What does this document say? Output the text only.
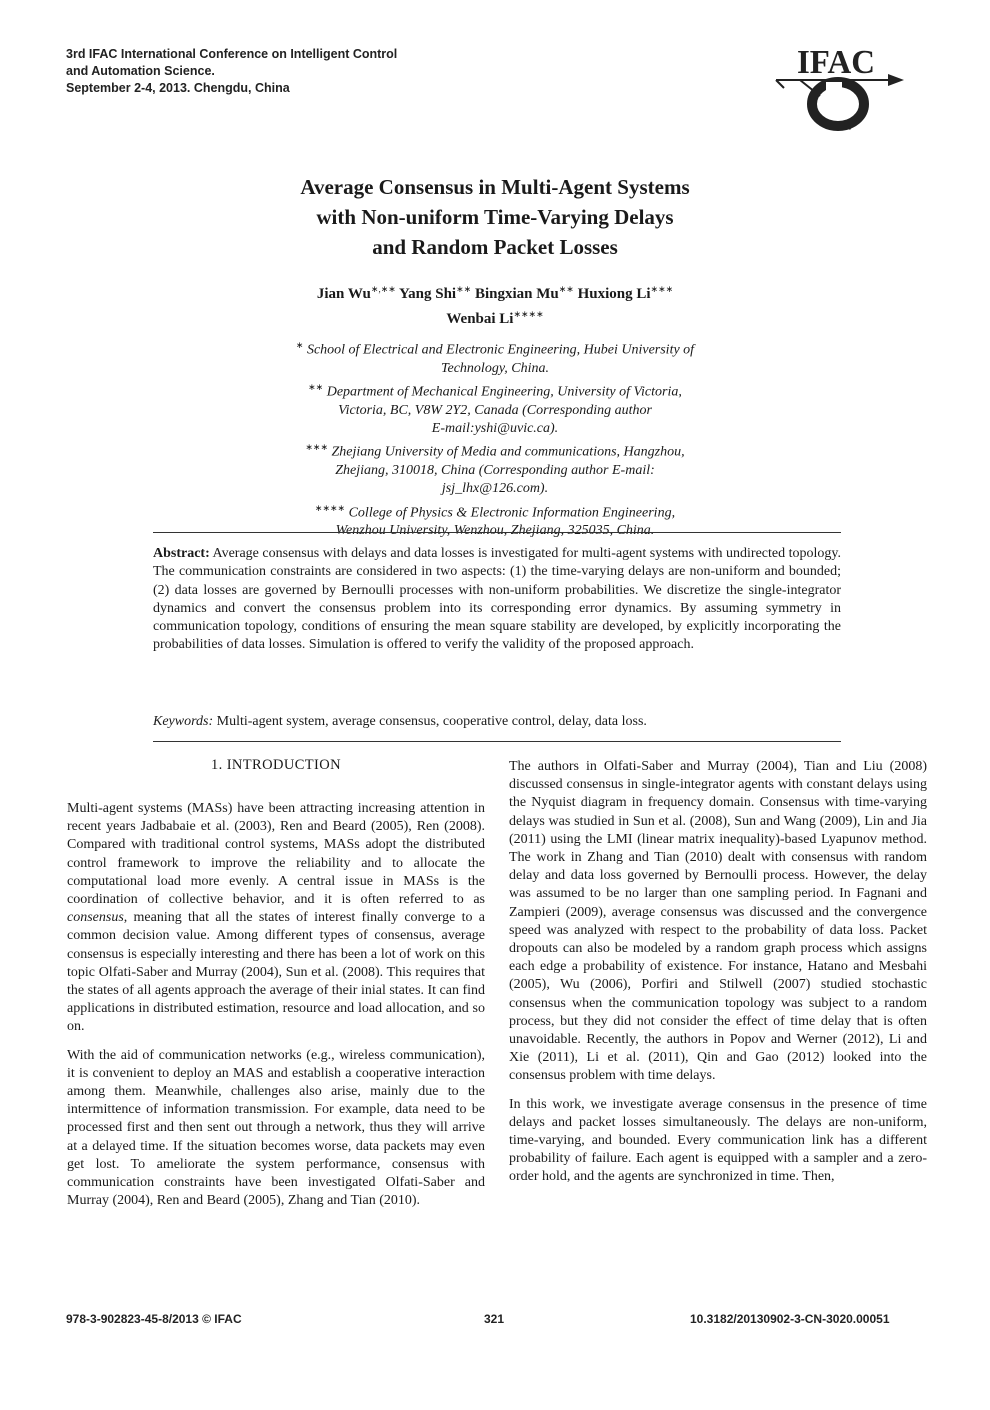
3rd IFAC International Conference on Intelligent Control
and Automation Science.
September 2-4, 2013. Chengdu, China
IFAC
Average Consensus in Multi-Agent Systems
with Non-uniform Time-Varying Delays
and Random Packet Losses
Jian Wu∗,∗∗ Yang Shi∗∗ Bingxian Mu∗∗ Huxiong Li∗∗∗
Wenbai Li∗∗∗∗
∗ School of Electrical and Electronic Engineering, Hubei University of
Technology, China.
∗∗ Department of Mechanical Engineering, University of Victoria,
Victoria, BC, V8W 2Y2, Canada (Corresponding author
E-mail:yshi@uvic.ca).
∗∗∗ Zhejiang University of Media and communications, Hangzhou,
Zhejiang, 310018, China (Corresponding author E-mail:
jsj_lhx@126.com).
∗∗∗∗ College of Physics & Electronic Information Engineering,
Wenzhou University, Wenzhou, Zhejiang, 325035, China.
Abstract: Average consensus with delays and data losses is investigated for multi-agent systems with undirected topology. The communication constraints are considered in two aspects: (1) the time-varying delays are non-uniform and bounded; (2) data losses are governed by Bernoulli processes with non-uniform probabilities. We discretize the single-integrator dynamics and convert the consensus problem into its corresponding error dynamics. By assuming symmetry in communication topology, conditions of ensuring the mean square stability are developed, by explicitly incorporating the probabilities of data losses. Simulation is offered to verify the validity of the proposed approach.
Keywords: Multi-agent system, average consensus, cooperative control, delay, data loss.
1. INTRODUCTION

Multi-agent systems (MASs) have been attracting increasing attention in recent years Jadbabaie et al. (2003), Ren and Beard (2005), Ren (2008). Compared with traditional control systems, MASs adopt the distributed control framework to improve the reliability and to allocate the computational load more evenly. A central issue in MASs is the coordination of collective behavior, and it is often referred to as consensus, meaning that all the states of interest finally converge to a common decision value. Among different types of consensus, average consensus is especially interesting and there has been a lot of work on this topic Olfati-Saber and Murray (2004), Sun et al. (2008). This requires that the states of all agents approach the average of their inial states. It can find applications in distributed estimation, resource and load allocation, and so on.

With the aid of communication networks (e.g., wireless communication), it is convenient to deploy an MAS and establish a cooperative interaction among them. Meanwhile, challenges also arise, mainly due to the intermittence of information transmission. For example, data need to be processed first and then sent out through a network, thus they will arrive at a delayed time. If the situation becomes worse, data packets may even get lost. To ameliorate the system performance, consensus with communication constraints have been investigated Olfati-Saber and Murray (2004), Ren and Beard (2005), Zhang and Tian (2010).

The authors in Olfati-Saber and Murray (2004), Tian and Liu (2008) discussed consensus in single-integrator agents with constant delays using the Nyquist diagram in frequency domain. Consensus with time-varying delays was studied in Sun et al. (2008), Sun and Wang (2009), Lin and Jia (2011) using the LMI (linear matrix inequality)-based Lyapunov method. The work in Zhang and Tian (2010) dealt with consensus with random delay and data loss governed by Bernoulli process. However, the delay was assumed to be no larger than one sampling period. In Fagnani and Zampieri (2009), average consensus was discussed and the convergence speed was analyzed with respect to the probability of data loss. Packet dropouts can also be modeled by a random graph process which assigns each edge a probability of existence. For instance, Hatano and Mesbahi (2005), Wu (2006), Porfiri and Stilwell (2007) studied stochastic consensus when the communication topology was subject to a random process, but they did not consider the effect of time delay that is often unavoidable. Recently, the authors in Popov and Werner (2012), Li and Xie (2011), Li et al. (2011), Qin and Gao (2012) looked into the consensus problem with time delays.

In this work, we investigate average consensus in the presence of time delays and packet losses simultaneously. The delays are non-uniform, time-varying, and bounded. Every communication link has a different probability of failure. Each agent is equipped with a sampler and a zero-order hold, and the agents are synchronized in time. Then,

978-3-902823-45-8/2013 © IFAC	321	10.3182/20130902-3-CN-3020.00051
